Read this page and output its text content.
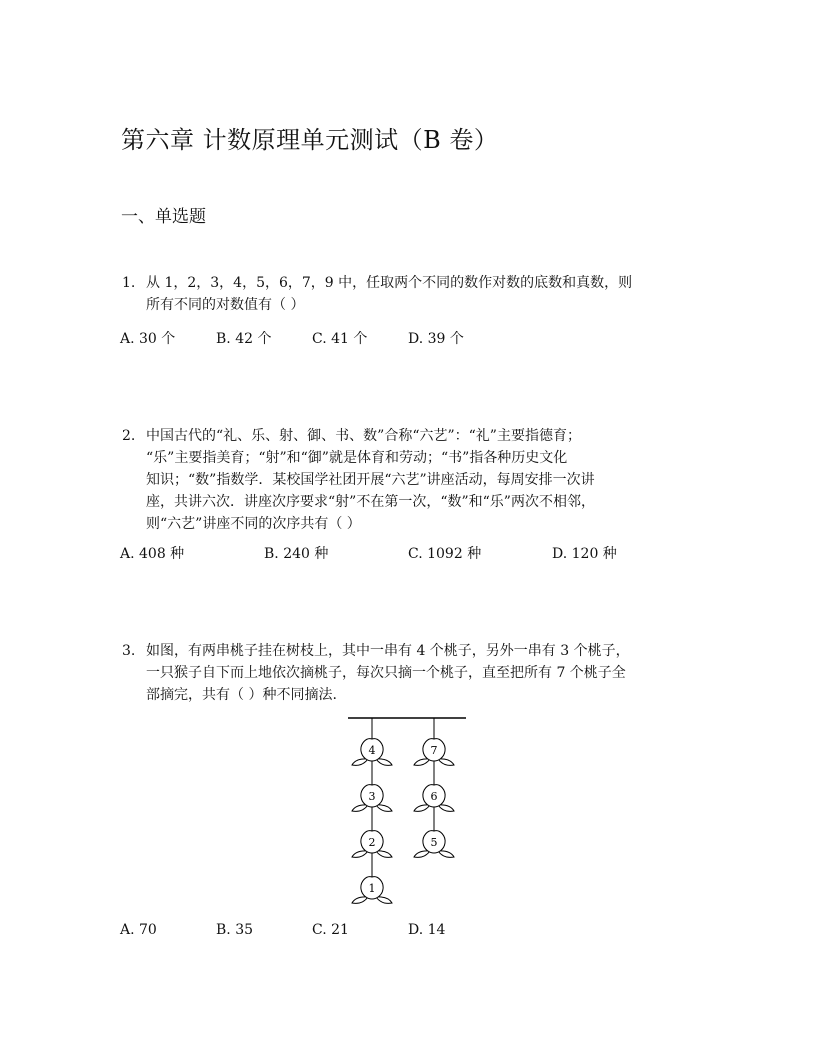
第六章 计数原理单元测试（B 卷）
一、单选题
1. 从 1，2，3，4，5，6，7，9 中，任取两个不同的数作对数的底数和真数，则
所有不同的对数值有（ ）
A. 30 个	B. 42 个	C. 41 个	D. 39 个
2. 中国古代的“礼、乐、射、御、书、数”合称“六艺”：“礼”主要指德育；
“乐”主要指美育；“射”和“御”就是体育和劳动；“书”指各种历史文化
知识；“数”指数学．某校国学社团开展“六艺”讲座活动，每周安排一次讲
座，共讲六次．讲座次序要求“射”不在第一次，“数”和“乐”两次不相邻，
则“六艺”讲座不同的次序共有（ ）
A. 408 种	B. 240 种	C. 1092 种	D. 120 种
3. 如图，有两串桃子挂在树枝上，其中一串有 4 个桃子，另外一串有 3 个桃子，
一只猴子自下而上地依次摘桃子，每次只摘一个桃子，直至把所有 7 个桃子全
部摘完，共有（ ）种不同摘法.
4
3
2
1
7
6
5
A. 70	B. 35	C. 21	D. 14
